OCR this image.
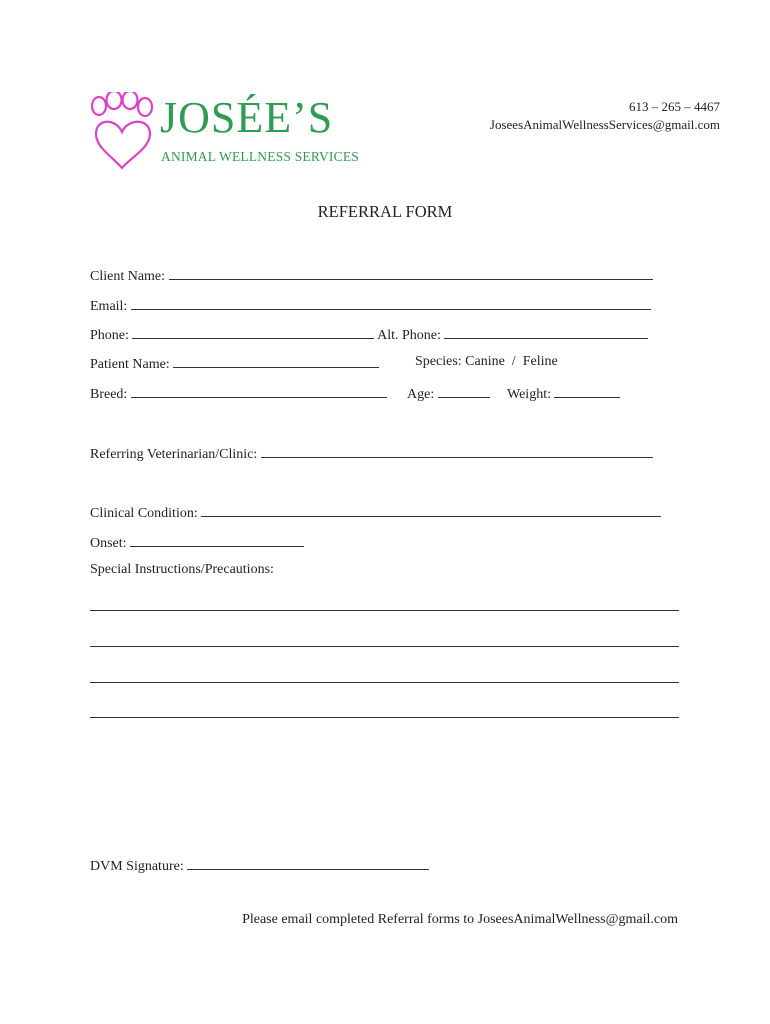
JOSÉE’S
ANIMAL WELLNESS SERVICES
613 – 265 – 4467
JoseesAnimalWellnessServices@gmail.com
REFERRAL FORM
Client Name:
Email:
Phone:	Alt. Phone:
Patient Name:	Species: Canine  /  Feline
Breed:	Age:	Weight:
Referring Veterinarian/Clinic:
Clinical Condition:
Onset:
Special Instructions/Precautions:
DVM Signature:
Please email completed Referral forms to JoseesAnimalWellness@gmail.com
